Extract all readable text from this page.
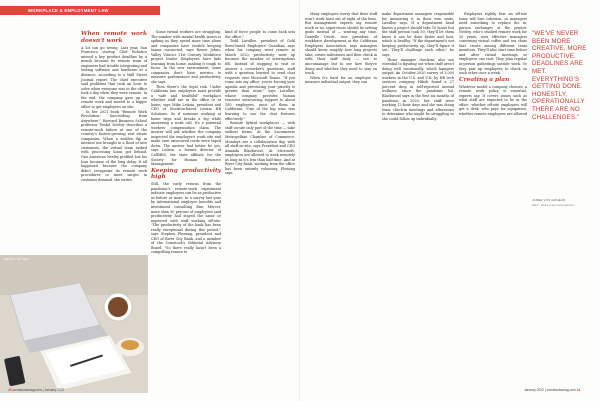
WORKPLACE & EMPLOYMENT LAW
When remote work doesn't work

A lot can go wrong. Last year, San Francisco startup Chef Robotics missed a key product deadline by a month because its remote team of engineers had trouble integrating and testing software and hardware at a distance, according to a Wall Street Journal report. The chief executive said problems that took an hour to solve when everyone was in the office took a day when they were remote. In the end, the company gave up on remote work and moved to a bigger office to get employees on site.

In her 2021 book "Remote Work Revolution: Succeeding from Anywhere," Harvard Business School professor Tsedal Neeley describes a remote-work failure at one of the country's fastest-growing real estate companies. When a sudden dip in internet use brought in a flood of new customers, the virtual team tasked with processing loans got behind. One American Neeley profiled lost his loan because of the long delay. It all happened because the company didn't reorganize its remote work procedures to meet surges in customer demand, she writes.

Some virtual workers are struggling. The number with mental health issues is spiking as they spend more time alone and companies have trouble keeping teams connected, says Renee Johns, Valley Vision's 21st Century Workforce project leader. Employees have kids learning from home, making it tough to focus. In the new environment, some companies don't have metrics to measure performance and productivity, she says.

Then there's the legal risk. Under California law, employers must provide a "safe and healthful" workplace whether staff are at the office or at home, says Mike Letizia, president and CEO of Stockton-based Letizia HR Solutions. So if someone working at home trips and breaks a leg while answering a work call, it's a potential workers' compensation claim. The insurer will ask whether the company inspected the employee's work site and made sure unsecured cords were taped down. The answer had better be yes, says Letizia, a former director of CalHRM, the state affiliate for the Society for Human Resource Management.

Keeping productivity high

Still, the early returns from the pandemic's remote-work experiment indicate employees can be as productive as before or more. In a survey last year by international employee benefits and investment consulting firm Mercer, more than 90 percent of employees said productivity had stayed the same or improved with staff working off-site. "The productivity of the bank has been really exceptional during this period," says Stephen Fleming, president and CEO of River City Bank, and a member of the Comstock's Editorial Advisory Board. "So there really hasn't been a compelling reason to

kind of force people to come back into the office."

Todd Lavallee, president of Gold River-based Employers' Guardian, says when his company went remote in March 2020, productivity went up because the number of interruptions fell. Instead of stopping to visit or answer a coworker's questions, staff with a question learned to send chat requests over Microsoft Teams. "If you come into my office, you're forcing your agenda and preventing your priority is greater than mine," says Lavallee, whose company provides human resource outsourcing support to about 150 employees, most of them in California. "One of the big wins was learning to use the chat features effectively."

Remote hybrid workplaces — with staff on-site only part of the time — take endless forms. At the Sacramento Metropolitan Chamber of Commerce, Mondays are a collaboration day, with all staff on-site, says President and CEO Amanda Blackwood. At Microsoft, employees are allowed to work remotely as long as it's less than half time. And at River City Bank, working from the office has been entirely voluntary, Fleming says.

PHOTO: ISTOCK
40 comstocksmag.com | January 2022

Many employers worry that their staff won't work hard out of sight of the boss. But management experts say remote work or no, supervisors should be setting goals instead of — wasting any time. Danielle Devitt, vice president of workforce development at the California Employers Association, says managers should know roughly how long projects take, create milestones and then check in with their staff daily — not to micromanage but to see how they're doing and whether they need to stay on track.

When it's hard for an employer to measure individual output, they can

make department managers responsible for measuring it in their own units, Lavallee says. If a department head knows a project should take 10 hours but the staff person took 50, they'll let them know it can be done faster and how, which is healthy. "If the department's not keeping productivity up, they'll figure it out. They'll challenge each other," he says.

Those manager checkins also are essential to figuring out when staff aren't doing well emotionally, which hampers output. An October 2020 survey of 3,000 workers in the U.S. and U.K. by HR tech services company Hibob found a 27 percent drop in self-reported mental wellness since the pandemic hit. Blackwood says in the first six months of pandemic in 2020, her staff were working 12-hour days and she was doing team check-in meetings and afternoons to determine who might be struggling so she could follow up individually.

Employers rightly fear an off-site team will lose cohesion, so managers need something to replace the in-person exchanges at the printer. Neeley, who's studied remote work for 20 years, sees effective managers convening virtual coffee and tea chats that create among different team members. They'll also start time before and after virtual meetings so employees can visit. They plan regular in-person gatherings outside work. Or they pair up employees to check on each other once a week.

Creating a plan

Whatever model a company chooses, a remote work policy is essential, experts say. It covers issues such as what staff are expected to be in the office, whether off-site employees will get a desk, who pays for equipment, whether remote employees are allowed

"WE'VE NEVER BEEN MORE CREATIVE, MORE PRODUCTIVE. DEADLINES ARE MET. EVERYTHING'S GETTING DONE. HONESTLY, OPERATIONALLY THERE ARE NO CHALLENGES."
JANNE VON GOGEAN
CEO, Seed Communications
January 2022 | comstocksmag.com 41
